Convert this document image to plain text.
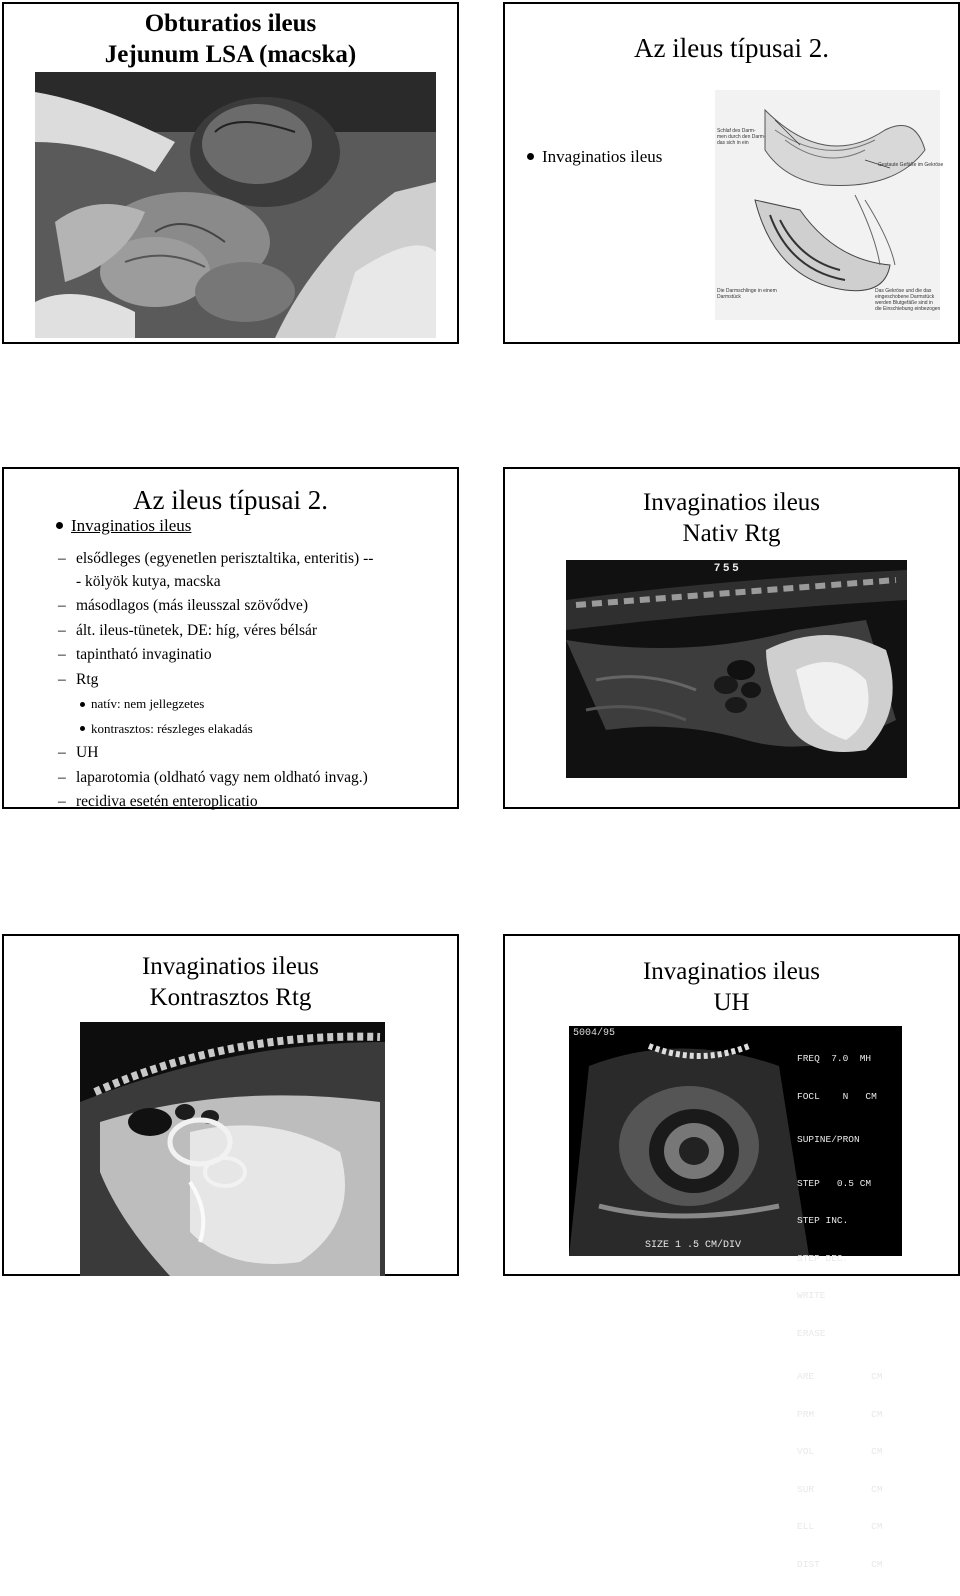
Obturatios ileus
Jejunum LSA (macska)	Az ileus típusai 2.
Invaginatios ileus
Schlaf des Darm-
men durch den Darm-
das sich in ein
Gestaute Gefäße im Gekröse
Das Gekröse und die das
eingeschobene Darmstück
werden Blutgefäße sind in
die Einschiebung einbezogen
Die Darmschlinge in einem
Darmstück
Az ileus típusai 2.
Invaginatios ileus
– elsődleges (egyenetlen perisztaltika, enteritis) --
- kölyök kutya, macska
– másodlagos (más ileusszal szövődve)
– ált. ileus-tünetek, DE: híg, véres bélsár
– tapintható invaginatio
– Rtg
natív: nem jellegzetes
kontrasztos: részleges elakadás
– UH
– laparotomia (oldható vagy nem oldható invag.)
– recidiva esetén enteroplicatio
Invaginatios ileus
Nativ Rtg
7 5 5
Invaginatios ileus
Kontrasztos Rtg
Invaginatios ileus
UH
5004/95

FREQ  7.0  MH

FOCL    N   CM

SUPINE/PRON

STEP   0.5 CM

STEP INC.

STEP DEC.

WRITE

ERASE

ARE          CM

PRM          CM

VOL          CM

SUR          CM

ELL          CM

DIST         CM

SIZE 1 .5 CM/DIV
